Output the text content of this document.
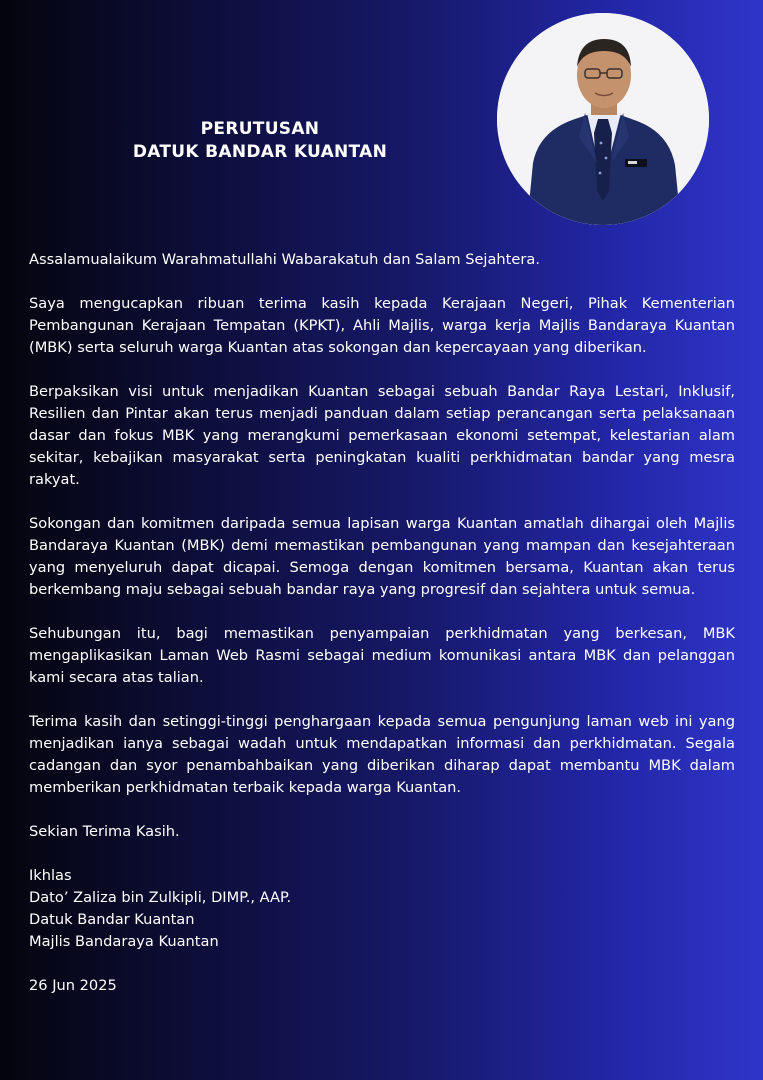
PERUTUSAN
DATUK BANDAR KUANTAN

Assalamualaikum Warahmatullahi Wabarakatuh dan Salam Sejahtera.

Saya mengucapkan ribuan terima kasih kepada Kerajaan Negeri, Pihak Kementerian Pembangunan Kerajaan Tempatan (KPKT), Ahli Majlis, warga kerja Majlis Bandaraya Kuantan (MBK) serta seluruh warga Kuantan atas sokongan dan kepercayaan yang diberikan.

Berpaksikan visi untuk menjadikan Kuantan sebagai sebuah Bandar Raya Lestari, Inklusif, Resilien dan Pintar akan terus menjadi panduan dalam setiap perancangan serta pelaksanaan dasar dan fokus MBK yang merangkumi pemerkasaan ekonomi setempat, kelestarian alam sekitar, kebajikan masyarakat serta peningkatan kualiti perkhidmatan bandar yang mesra rakyat.

Sokongan dan komitmen daripada semua lapisan warga Kuantan amatlah dihargai oleh Majlis Bandaraya Kuantan (MBK) demi memastikan pembangunan yang mampan dan kesejahteraan yang menyeluruh dapat dicapai. Semoga dengan komitmen bersama, Kuantan akan terus berkembang maju sebagai sebuah bandar raya yang progresif dan sejahtera untuk semua.

Sehubungan itu, bagi memastikan penyampaian perkhidmatan yang berkesan, MBK mengaplikasikan Laman Web Rasmi sebagai medium komunikasi antara MBK dan pelanggan kami secara atas talian.

Terima kasih dan setinggi-tinggi penghargaan kepada semua pengunjung laman web ini yang menjadikan ianya sebagai wadah untuk mendapatkan informasi dan perkhidmatan. Segala cadangan dan syor penambahbaikan yang diberikan diharap dapat membantu MBK dalam memberikan perkhidmatan terbaik kepada warga Kuantan.

Sekian Terima Kasih.

Ikhlas
Dato’ Zaliza bin Zulkipli, DIMP., AAP.
Datuk Bandar Kuantan
Majlis Bandaraya Kuantan

26 Jun 2025
